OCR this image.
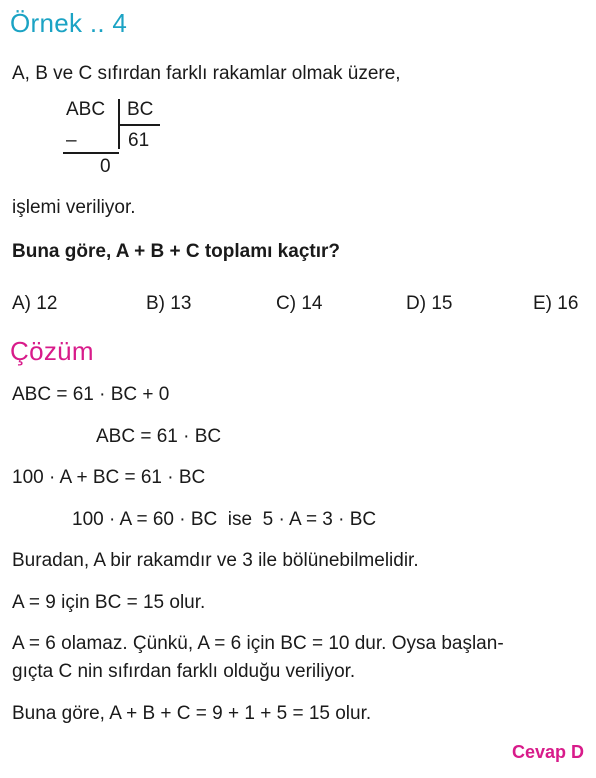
Örnek .. 4
A, B ve C sıfırdan farklı rakamlar olmak üzere,
ABC BC
–	61
0
işlemi veriliyor.
Buna göre, A + B + C toplamı kaçtır?
A) 12	B) 13	C) 14	D) 15	E) 16
Çözüm
ABC = 61 · BC + 0
ABC = 61 · BC
100 · A + BC = 61 · BC
100 · A = 60 · BC  ise  5 · A = 3 · BC
Buradan, A bir rakamdır ve 3 ile bölünebilmelidir.
A = 9 için BC = 15 olur.
A = 6 olamaz. Çünkü, A = 6 için BC = 10 dur. Oysa başlan-
gıçta C nin sıfırdan farklı olduğu veriliyor.
Buna göre, A + B + C = 9 + 1 + 5 = 15 olur.
Cevap D
